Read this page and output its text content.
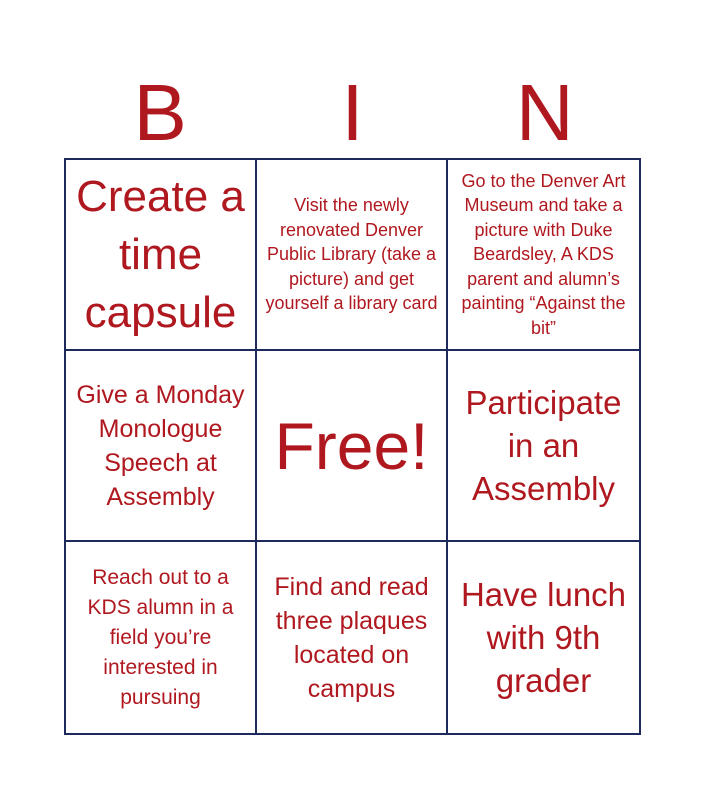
B	I	N
Create a time capsule
Visit the newly renovated Denver Public Library (take a picture) and get yourself a library card
Go to the Denver Art Museum and take a picture with Duke Beardsley, A KDS parent and alumn’s painting “Against the bit”
Give a Monday Monologue Speech at Assembly
Free!
Participate in an Assembly
Reach out to a KDS alumn in a field you’re interested in pursuing
Find and read three plaques located on campus
Have lunch with 9th grader
